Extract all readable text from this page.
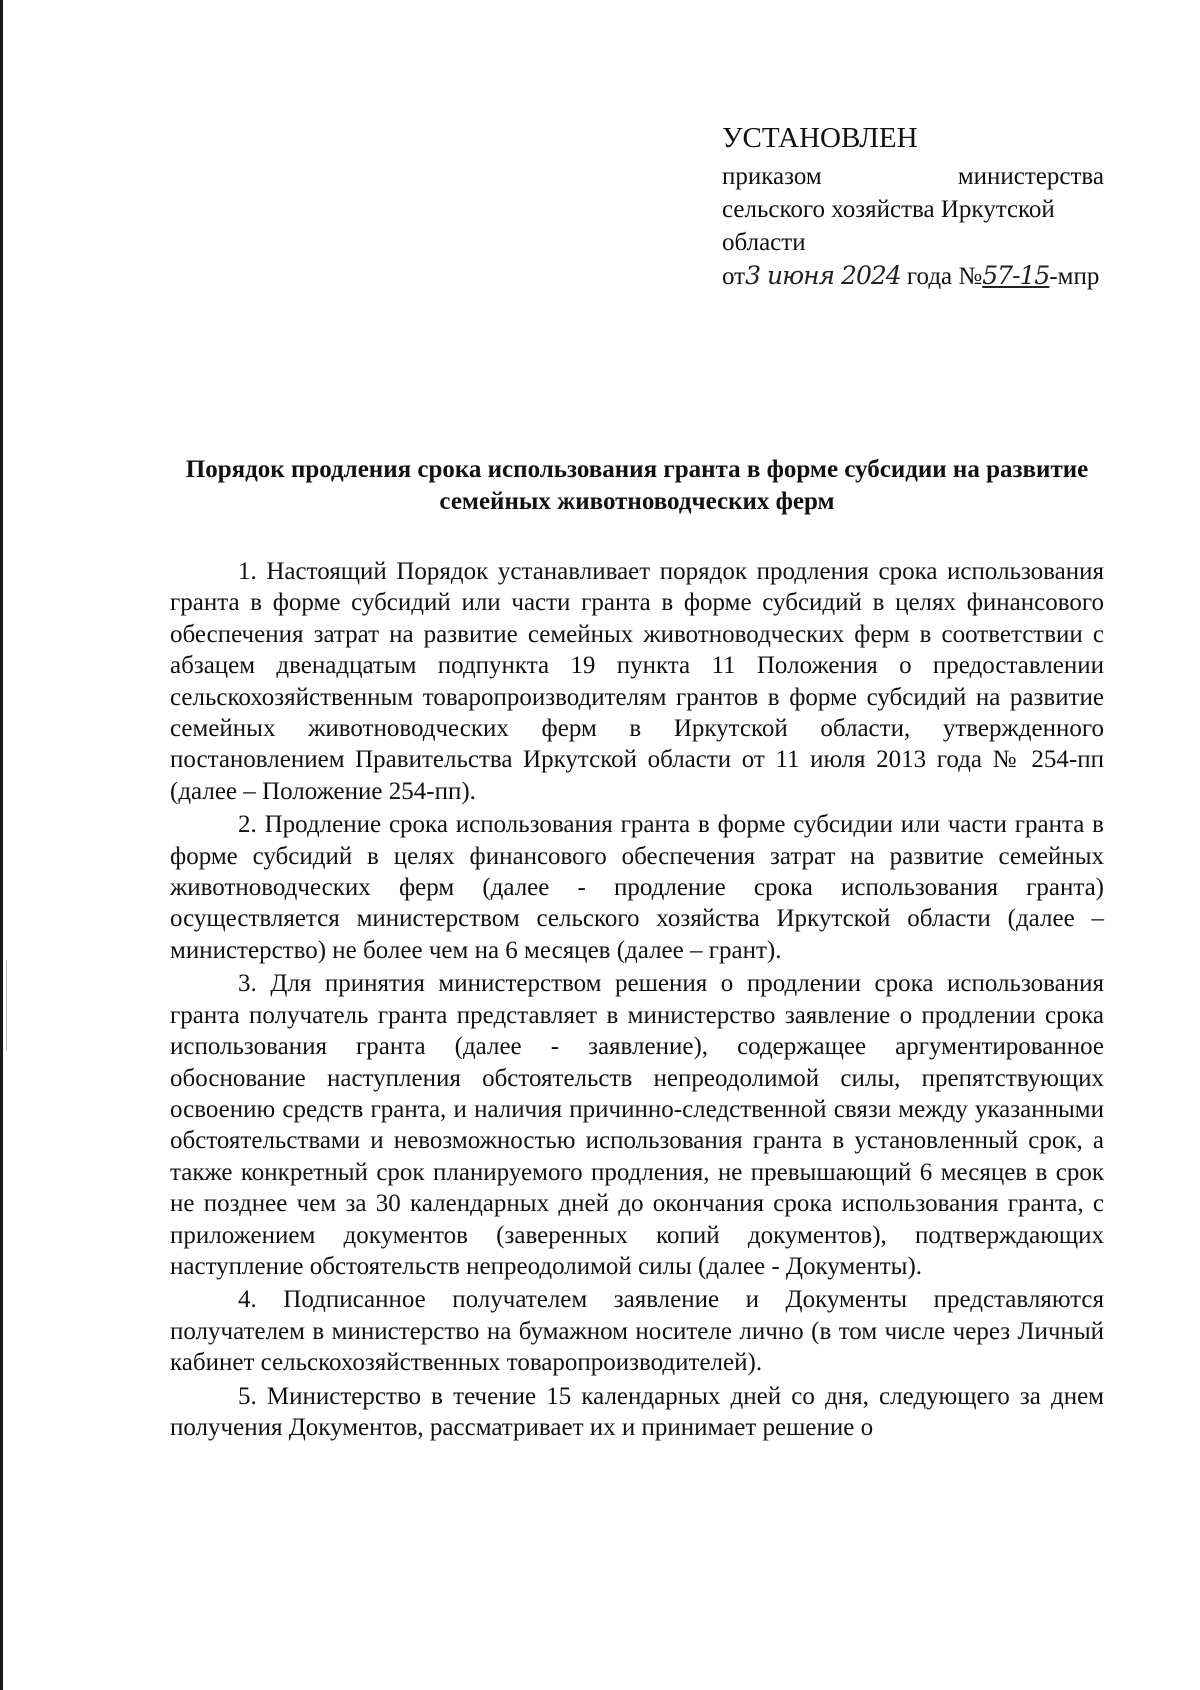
УСТАНОВЛЕН
приказом	министерства
сельского хозяйства Иркутской
области
от3 июня 2024 года №57-15-мпр
Порядок продления срока использования гранта в форме субсидии на развитие семейных животноводческих ферм

1. Настоящий Порядок устанавливает порядок продления срока использования гранта в форме субсидий или части гранта в форме субсидий в целях финансового обеспечения затрат на развитие семейных животноводческих ферм в соответствии с абзацем двенадцатым подпункта 19 пункта 11 Положения о предоставлении сельскохозяйственным товаропроизводителям грантов в форме субсидий на развитие семейных животноводческих ферм в Иркутской области, утвержденного постановлением Правительства Иркутской области от 11 июля 2013 года № 254-пп (далее – Положение 254-пп).

2. Продление срока использования гранта в форме субсидии или части гранта в форме субсидий в целях финансового обеспечения затрат на развитие семейных животноводческих ферм (далее - продление срока использования гранта) осуществляется министерством сельского хозяйства Иркутской области (далее – министерство) не более чем на 6 месяцев (далее – грант).

3. Для принятия министерством решения о продлении срока использования гранта получатель гранта представляет в министерство заявление о продлении срока использования гранта (далее - заявление), содержащее аргументированное обоснование наступления обстоятельств непреодолимой силы, препятствующих освоению средств гранта, и наличия причинно-следственной связи между указанными обстоятельствами и невозможностью использования гранта в установленный срок, а также конкретный срок планируемого продления, не превышающий 6 месяцев в срок не позднее чем за 30 календарных дней до окончания срока использования гранта, с приложением документов (заверенных копий документов), подтверждающих наступление обстоятельств непреодолимой силы (далее - Документы).

4. Подписанное получателем заявление и Документы представляются получателем в министерство на бумажном носителе лично (в том числе через Личный кабинет сельскохозяйственных товаропроизводителей).

5. Министерство в течение 15 календарных дней со дня, следующего за днем получения Документов, рассматривает их и принимает решение о
